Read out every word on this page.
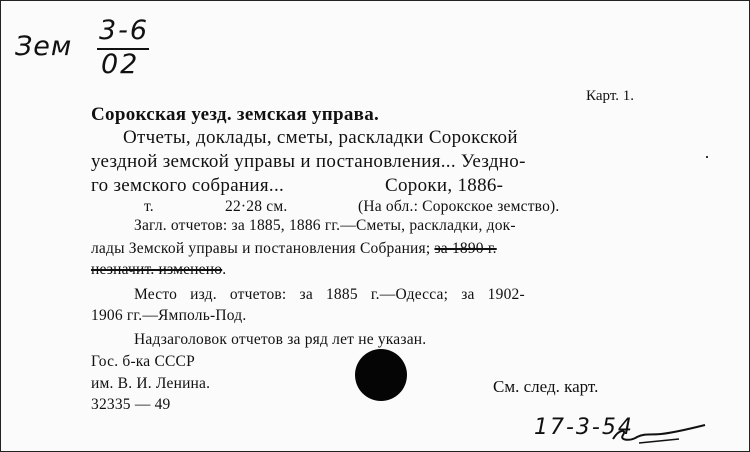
Зем
3-6
02
Карт. 1.
Сорокская уезд. земская управа.
Отчеты, доклады, сметы, раскладки Сорокской
уездной земской управы и постановления... Уездно-
го земского собрания...	Сороки, 1886-
т.	22·28 см.	(На обл.: Сорокское земство).
Загл. отчетов: за 1885, 1886 гг.—Сметы, раскладки, док-
лады Земской управы и постановления Собрания; за 1890 г.
незначит. изменено.
Место изд. отчетов: за 1885 г.—Одесса; за 1902-
1906 гг.—Ямполь-Под.
Надзаголовок отчетов за ряд лет не указан.
Гос. б-ка СССР
им. В. И. Ленина.
32335 — 49
См. след. карт.
17-3-54
